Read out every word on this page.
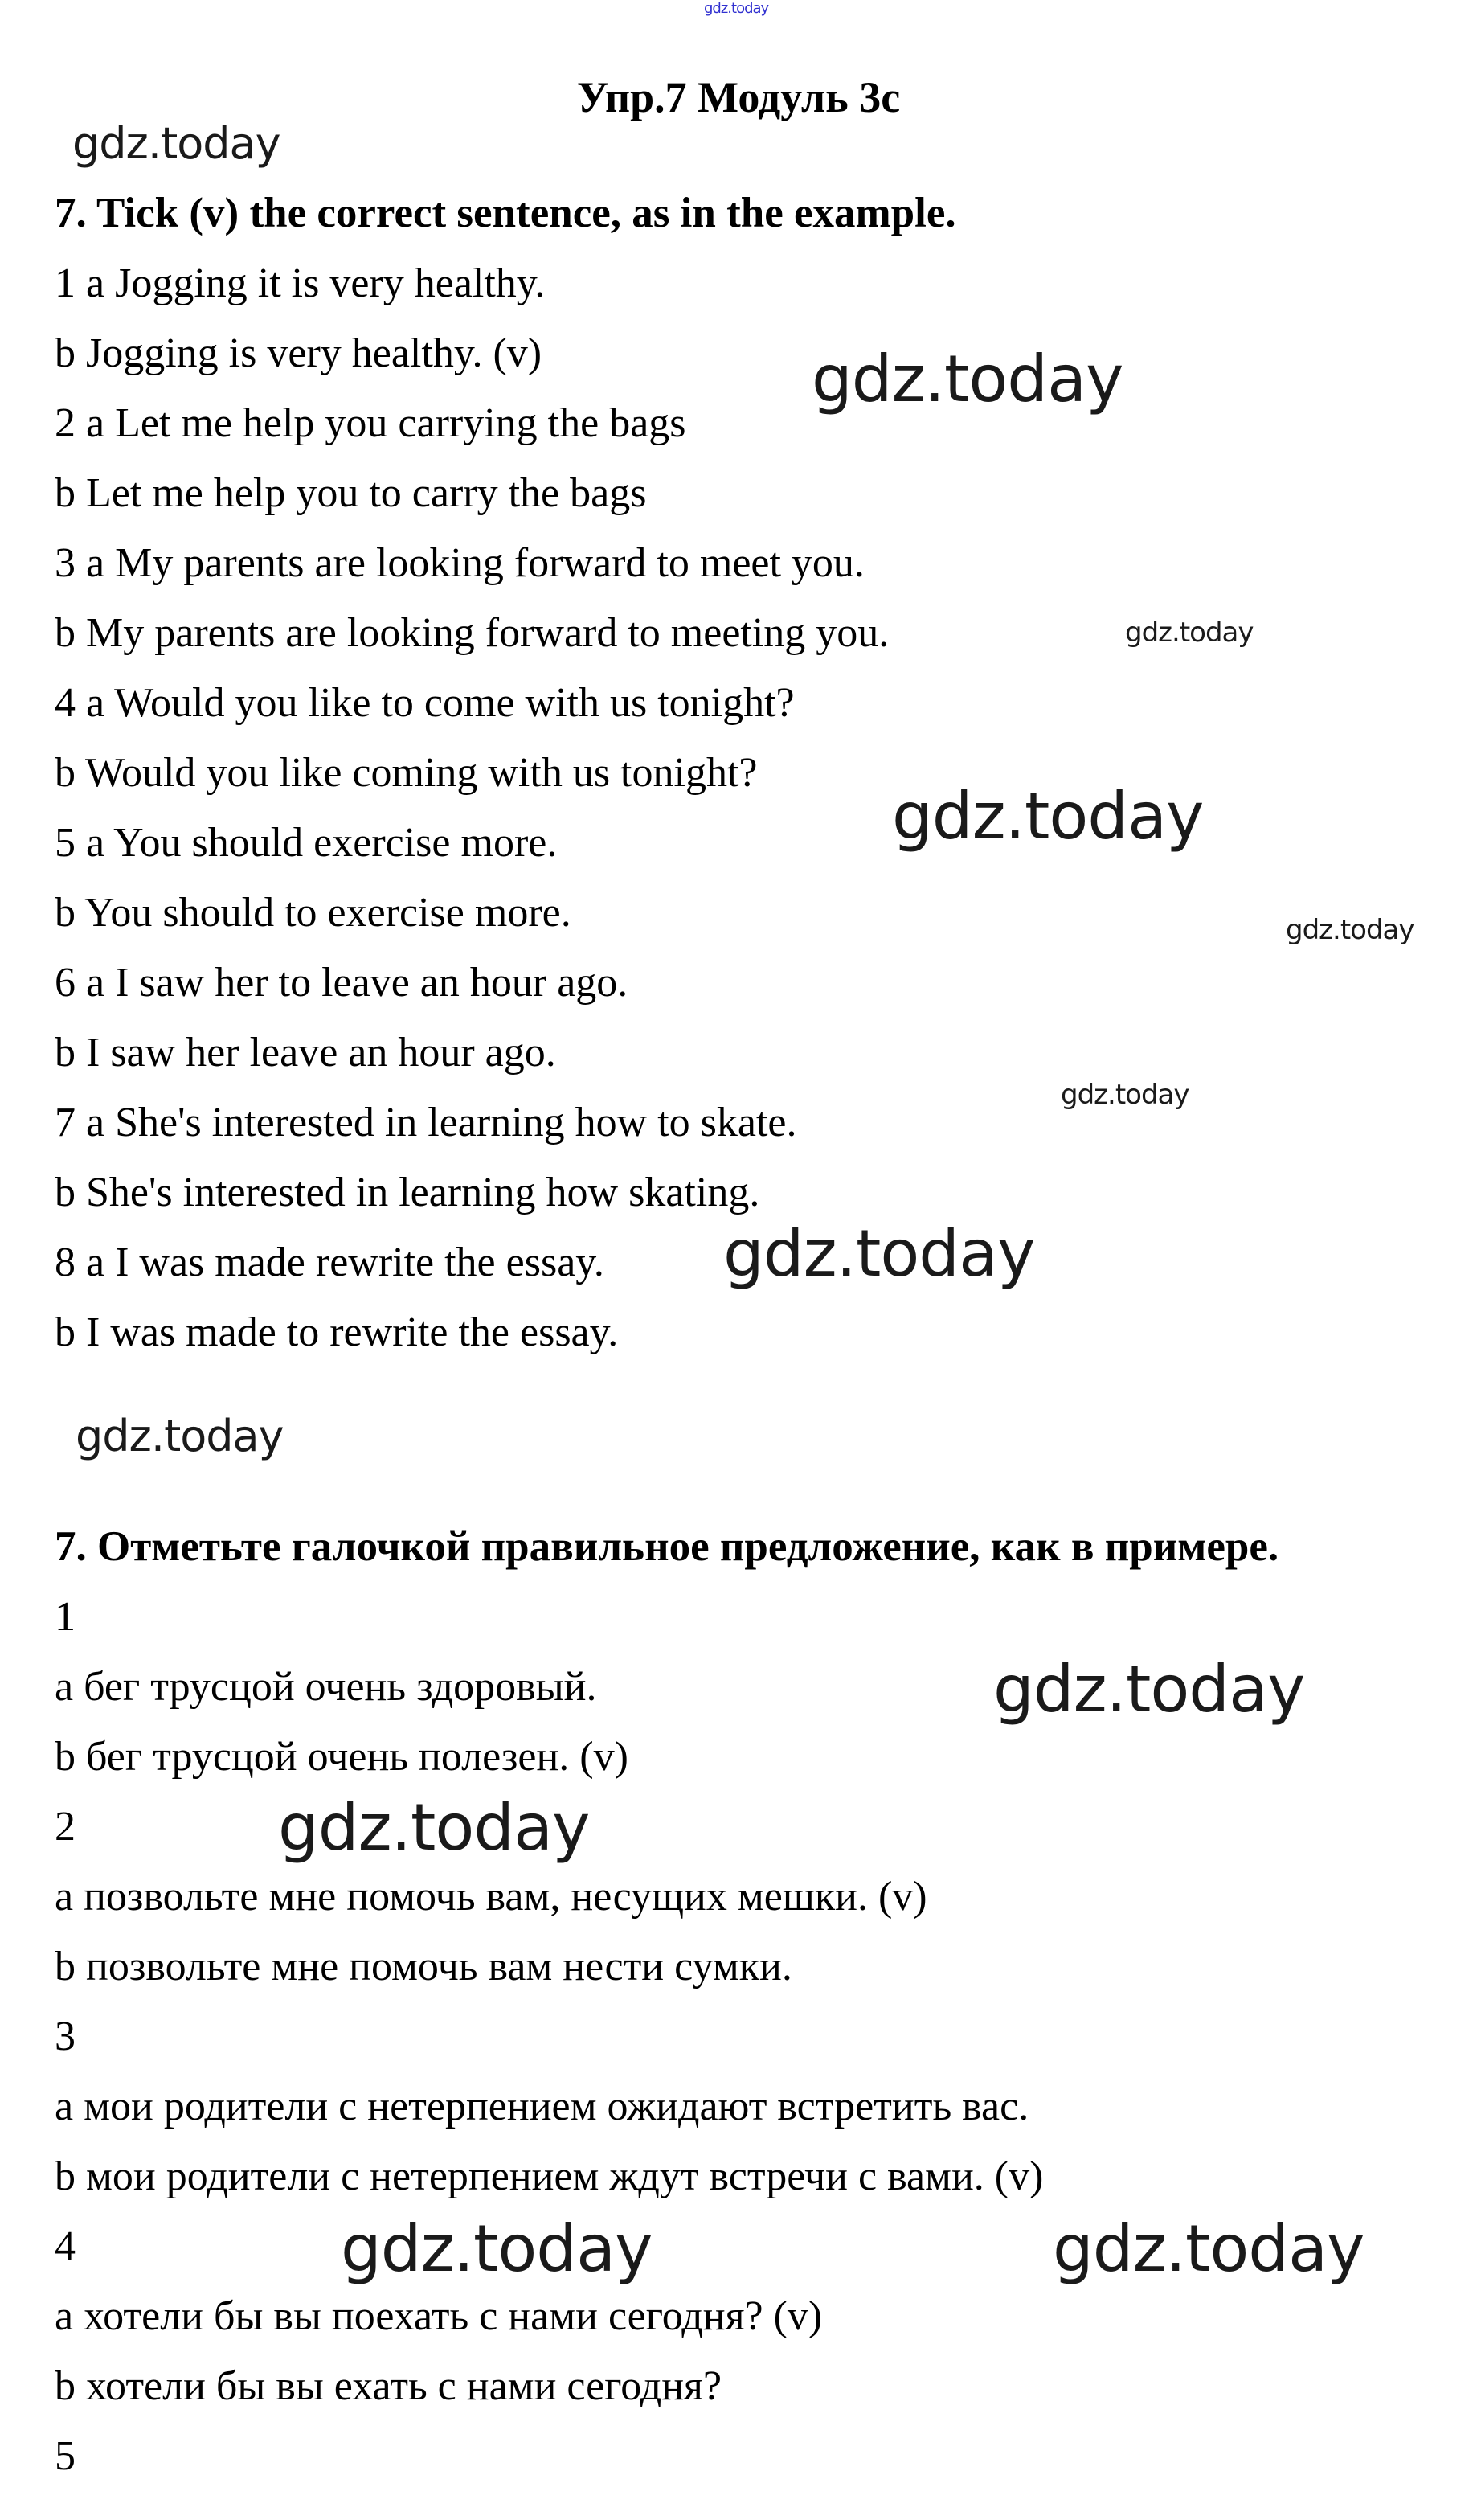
Упр.7 Модуль 3с
7. Tick (v) the correct sentence, as in the example.
1 a Jogging it is very healthy.
b Jogging is very healthy. (v)
2 a Let me help you carrying the bags
b Let me help you to carry the bags
3 a My parents are looking forward to meet you.
b My parents are looking forward to meeting you.
4 a Would you like to come with us tonight?
b Would you like coming with us tonight?
5 a You should exercise more.
b You should to exercise more.
6 a I saw her to leave an hour ago.
b I saw her leave an hour ago.
7 a She's interested in learning how to skate.
b She's interested in learning how skating.
8 a I was made rewrite the essay.
b I was made to rewrite the essay.
7. Отметьте галочкой правильное предложение, как в примере.
1
a бег трусцой очень здоровый.
b бег трусцой очень полезен. (v)
2
a позвольте мне помочь вам, несущих мешки. (v)
b позвольте мне помочь вам нести сумки.
3
a мои родители с нетерпением ожидают встретить вас.
b мои родители с нетерпением ждут встречи с вами. (v)
4
a хотели бы вы поехать с нами сегодня? (v)
b хотели бы вы ехать с нами сегодня?
5
gdz.today
gdz.today
gdz.today
gdz.today
gdz.today
gdz.today
gdz.today
gdz.today
gdz.today
gdz.today
gdz.today
gdz.today	gdz.today
